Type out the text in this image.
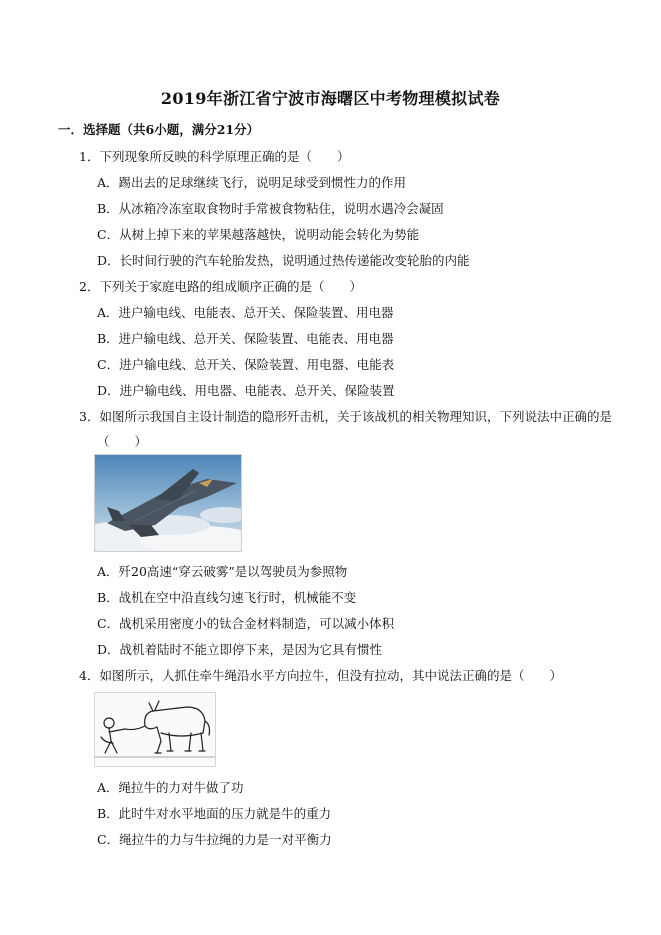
2019年浙江省宁波市海曙区中考物理模拟试卷
一．选择题（共6小题，满分21分）
1．下列现象所反映的科学原理正确的是（　　）
A．踢出去的足球继续飞行，说明足球受到惯性力的作用
B．从冰箱冷冻室取食物时手常被食物粘住，说明水遇冷会凝固
C．从树上掉下来的苹果越落越快，说明动能会转化为势能
D．长时间行驶的汽车轮胎发热，说明通过热传递能改变轮胎的内能
2．下列关于家庭电路的组成顺序正确的是（　　）
A．进户输电线、电能表、总开关、保险装置、用电器
B．进户输电线、总开关、保险装置、电能表、用电器
C．进户输电线、总开关、保险装置、用电器、电能表
D．进户输电线、用电器、电能表、总开关、保险装置
3．如图所示我国自主设计制造的隐形歼击机，关于该战机的相关物理知识，下列说法中正确的是
（　　）
A．歼20高速“穿云破雾”是以驾驶员为参照物
B．战机在空中沿直线匀速飞行时，机械能不变
C．战机采用密度小的钛合金材料制造，可以减小体积
D．战机着陆时不能立即停下来，是因为它具有惯性
4．如图所示，人抓住牵牛绳沿水平方向拉牛，但没有拉动，其中说法正确的是（　　）
A．绳拉牛的力对牛做了功
B．此时牛对水平地面的压力就是牛的重力
C．绳拉牛的力与牛拉绳的力是一对平衡力
